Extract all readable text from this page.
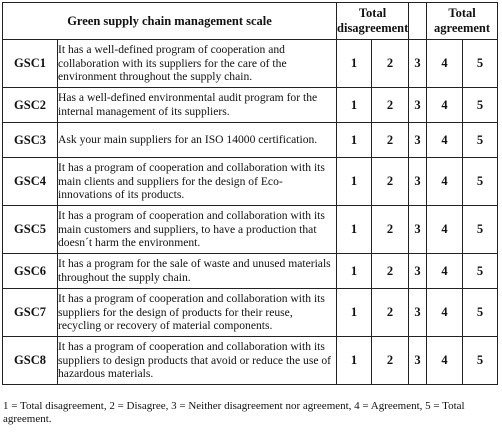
Green supply chain management scale		Total disagreement			Total agreement	
GSC1	It has a well-defined program of cooperation and collaboration with its suppliers for the care of the environment throughout the supply chain.	1	2	3	4	5
GSC2	Has a well-defined environmental audit program for the internal management of its suppliers.	1	2	3	4	5
GSC3	Ask your main suppliers for an ISO 14000 certification.	1	2	3	4	5
GSC4	It has a program of cooperation and collaboration with its main clients and suppliers for the design of Eco-innovations of its products.	1	2	3	4	5
GSC5	It has a program of cooperation and collaboration with its main customers and suppliers, to have a production that doesn´t harm the environment.	1	2	3	4	5
GSC6	It has a program for the sale of waste and unused materials throughout the supply chain.	1	2	3	4	5
GSC7	It has a program of cooperation and collaboration with its suppliers for the design of products for their reuse, recycling or recovery of material components.	1	2	3	4	5
GSC8	It has a program of cooperation and collaboration with its suppliers to design products that avoid or reduce the use of hazardous materials.	1	2	3	4	5
1 = Total disagreement, 2 = Disagree, 3 = Neither disagreement nor agreement, 4 = Agreement, 5 = Total agreement.
